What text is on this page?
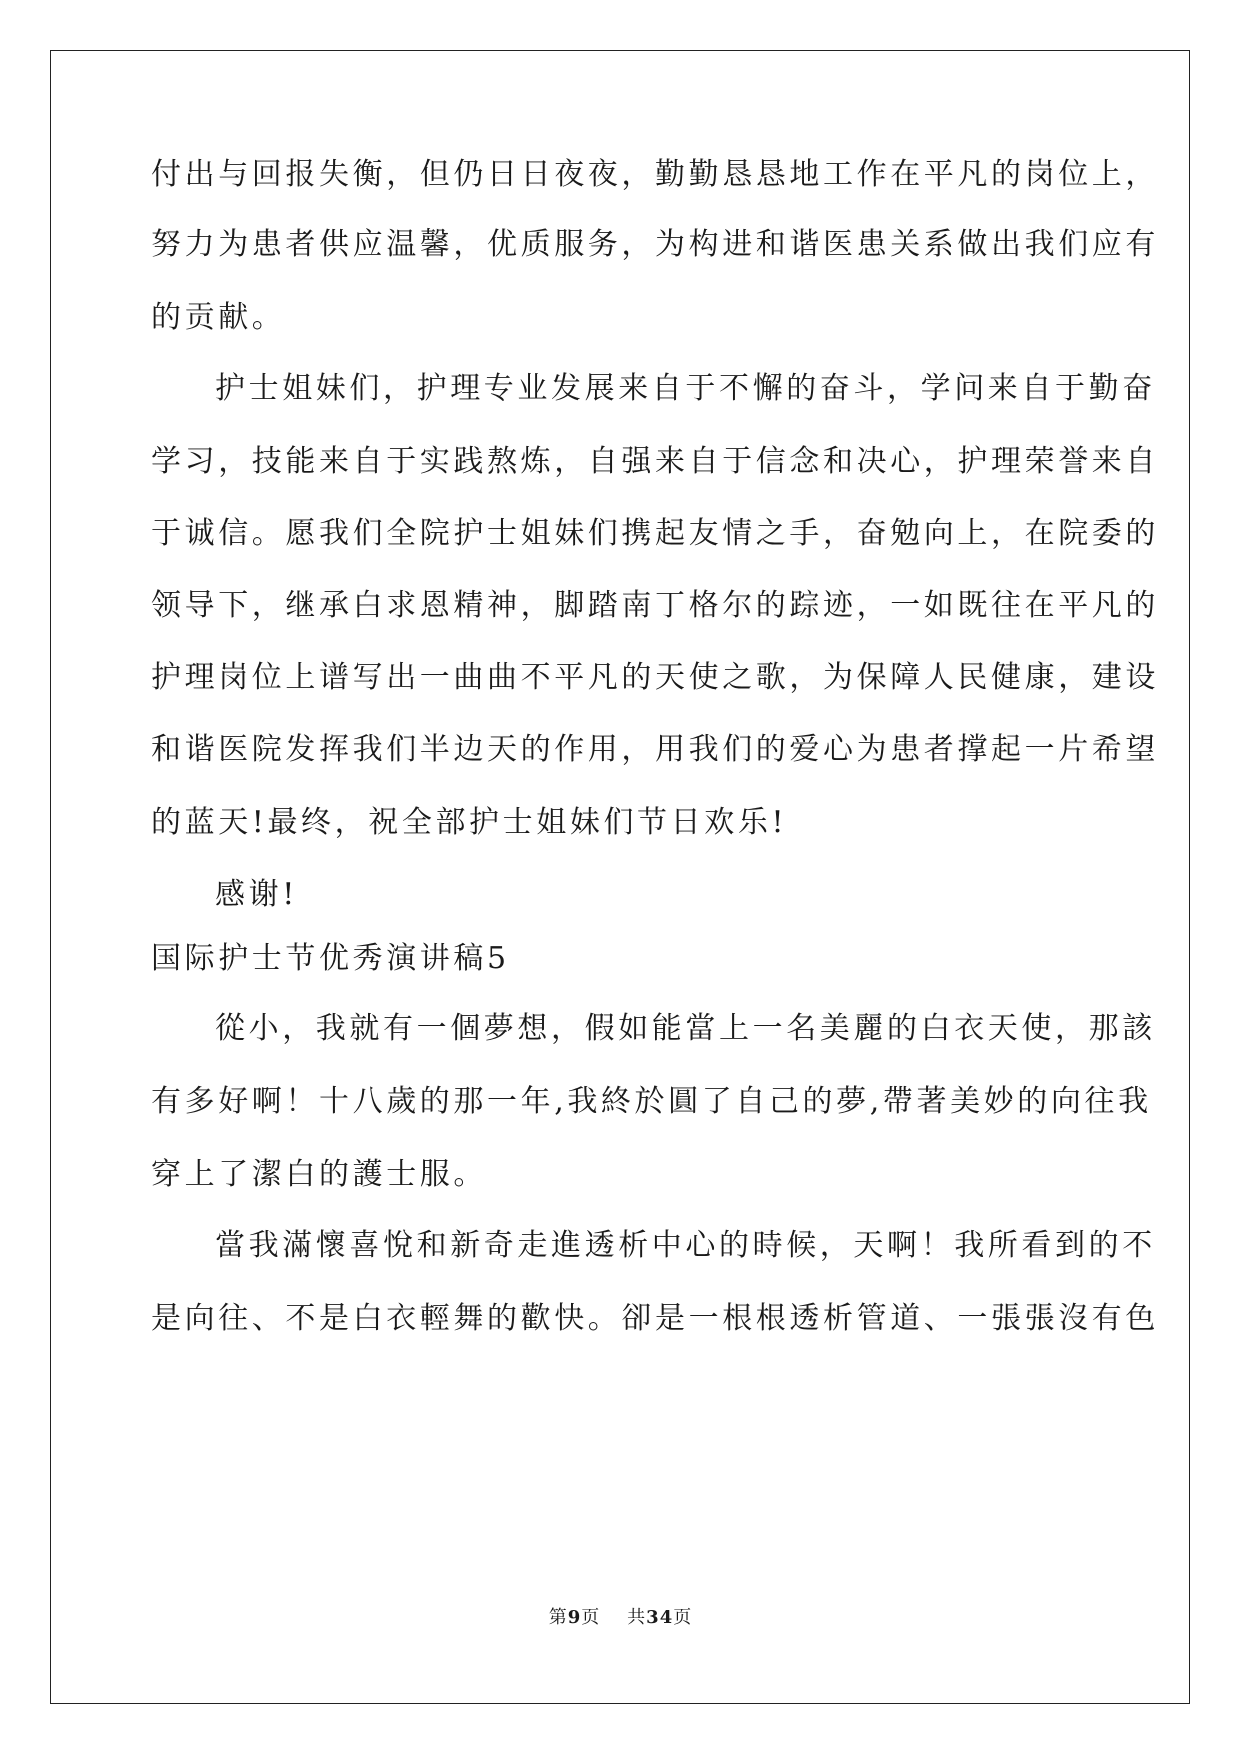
付出与回报失衡，但仍日日夜夜，勤勤恳恳地工作在平凡的岗位上，
努力为患者供应温馨，优质服务，为构进和谐医患关系做出我们应有
的贡献。
护士姐妹们，护理专业发展来自于不懈的奋斗，学问来自于勤奋
学习，技能来自于实践熬炼，自强来自于信念和决心，护理荣誉来自
于诚信。愿我们全院护士姐妹们携起友情之手，奋勉向上，在院委的
领导下，继承白求恩精神，脚踏南丁格尔的踪迹，一如既往在平凡的
护理岗位上谱写出一曲曲不平凡的天使之歌，为保障人民健康，建设
和谐医院发挥我们半边天的作用，用我们的爱心为患者撑起一片希望
的蓝天!最终，祝全部护士姐妹们节日欢乐!
感谢!
国际护士节优秀演讲稿5
從小，我就有一個夢想，假如能當上一名美麗的白衣天使，那該
有多好啊！十八歲的那一年,我終於圓了自己的夢,帶著美妙的向往我
穿上了潔白的護士服。
當我滿懷喜悅和新奇走進透析中心的時候，天啊！我所看到的不
是向往、不是白衣輕舞的歡快。卻是一根根透析管道、一張張沒有色
第9页 共34页
